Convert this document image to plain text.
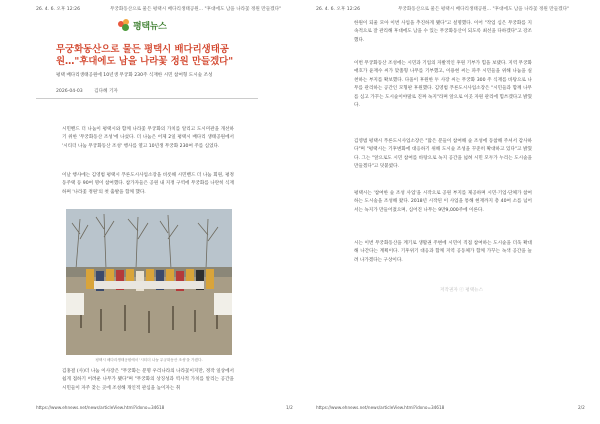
26. 4. 6. 오후 12:26	무궁화동산으로 물든 평택시 배다리생태공원... "후대에도 남을 나라꽃 정원 만들겠다"
평택뉴스
무궁화동산으로 물든 평택시 배다리생태공원…"후대에도 남을 나라꽃 정원 만들겠다"
평택 배다리생태공원에 10년생 무궁화 230주 식재한 시민 참여형 도시숲 조성
2026-04-03 김다혜 기자

시민밴드 더 나눔이 평택시와 함께 나라꽃 무궁화의 가치를 알리고 도시미관을 개선하기 위한 '무궁화동산 조성'에 나섰다. 더 나눔은 어제 2일 평택시 배다리 생태공원에서 '시티더 나눔 무궁화동산 조성' 행사를 열고 10년생 무궁화 230여 주를 심었다.

이날 행사에는 김영범 평택시 푸른도시사업소장을 비롯해 시민밴드 더 나눔 회원, 평정동주택 등 90여 명이 참여했다. 참가자들은 공원 내 지정 구역에 무궁화를 나란히 식재하며 '나라꽃 정원'의 첫 출발을 함께 했다.

평택시 배다리생태공원에서 '시티더 나눔 무궁화동산 조성'을 가졌다.

김홍걸 (사)더 나눔 이사장은 "무궁화는 분명 우리나라의 나라꽃이지만, 정작 일상에서 쉽게 접하기 어려운 나무가 됐다"며 "무궁화의 상징성과 역사적 가치를 알리는 공간을 시민들이 자주 찾는 곳에 조성해 개인적 관심을 높이자는 취

https://www.ehnews.net/news/articleView.html?idxno=34618	1/2
26. 4. 6. 오후 12:26	무궁화동산으로 물든 평택시 배다리생태공원... "후대에도 남을 나라꽃 정원 만들겠다"

한원이 되울 모아 이번 사업을 추진하게 됐다"고 설명했다. 이어 "작업 심은 무궁화를 지속적으로 잘 관리해 후대에도 남을 수 있는 무궁화동산이 되도록 최선을 다하겠다"고 강조했다.

이번 무궁화동산 조성에는 시민과 기업의 자발적인 후원 기부가 힘을 보탰다. 지역 무궁화 애호가 윤재수 씨가 맞춤형 나무를 기부했고, 이용현 씨는 파주 시민들을 위해 나눔을 실천하는 부지를 확보했다. 다올이 후원한 두 사장 씨는 무궁화 300 주 식재를 바탕으로 나무를 관리하는 공간인 모형판 후원했다. 김영범 푸른도시사업소장은 "시민들과 함께 나무를 심고 가꾸는 도시숲이야말로 진짜 녹지"라며 앞으로 이곳 자원 관리에 힘쓰겠다고 밝혔다.

김영범 평택시 푸른도시사업소장은 "많은 분들이 참여해 숲 조성에 동참해 주셔서 감사하다"며 "평택시는 기후변화에 대응하기 위해 도시숲 조성을 꾸준히 확대하고 있다"고 밝혔다. 그는 "앞으로도 시민 참여를 바탕으로 녹지 공간을 넓혀 시민 모두가 누리는 도시숲을 만들겠다"고 덧붙였다.

평택시는 '참여한 숲 조성 사업'을 시작으로 공원 부지를 제공하며 시민·기업·단체가 참여하는 도시숲을 조성해 왔다. 2018년 시작된 이 사업을 통해 현재까지 총 40여 소를 넘어서는 녹지가 만들어졌으며, 심어진 나무는 9만9,000주에 이른다.

시는 이번 무궁화동산을 계기로 생활권 주변에 시민이 직접 참여하는 도시숲을 더욱 확대해 나간다는 계획이다. 기후위기 대응과 함께 지역 공동체가 함께 가꾸는 녹색 공간을 늘려 나가겠다는 구상이다.

저작권자 ⓒ 평택뉴스
https://www.ehnews.net/news/articleView.html?idxno=34618	2/2
